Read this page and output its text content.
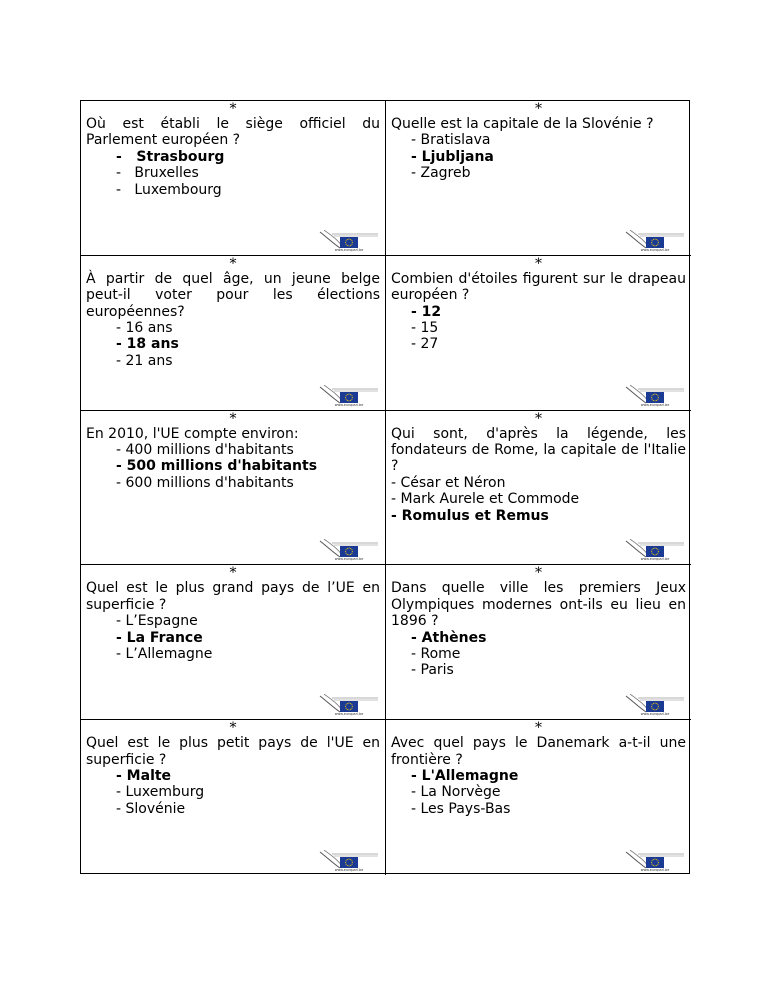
*
Où est établi le siège officiel du Parlement européen ?
-   Strasbourg
-   Bruxelles
-   Luxembourg
www.europarl.be
*
Quelle est la capitale de la Slovénie ?
- Bratislava
- Ljubljana
- Zagreb
www.europarl.be
*
À partir de quel âge, un jeune belge peut-il voter pour les élections européennes?
- 16 ans
- 18 ans
- 21 ans
www.europarl.be
*
Combien d'étoiles figurent sur le drapeau européen ?
- 12
- 15
- 27
www.europarl.be
*
En 2010, l'UE compte environ:
- 400 millions d'habitants
- 500 millions d'habitants
- 600 millions d'habitants
www.europarl.be
*
Qui sont, d'après la légende, les fondateurs de Rome, la capitale de l'Italie ?
- César et Néron
- Mark Aurele et Commode
- Romulus et Remus
www.europarl.be
*
Quel est le plus grand pays de l’UE en superficie ?
- L’Espagne
- La France
- L’Allemagne
www.europarl.be
*
Dans quelle ville les premiers Jeux Olympiques modernes ont-ils eu lieu en 1896 ?
- Athènes
- Rome
- Paris
www.europarl.be
*
Quel est le plus petit pays de l'UE en superficie ?
- Malte
- Luxemburg
- Slovénie
www.europarl.be
*
Avec quel pays le Danemark a-t-il une frontière ?
- L'Allemagne
- La Norvège
- Les Pays-Bas
www.europarl.be
